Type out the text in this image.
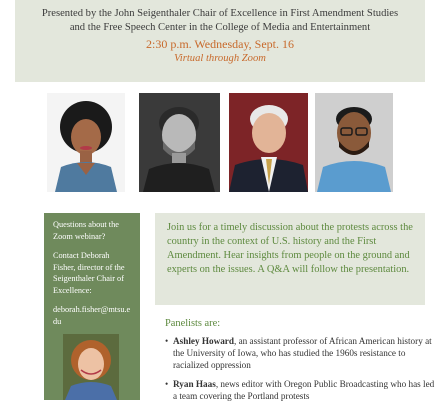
Presented by the John Seigenthaler Chair of Excellence in First Amendment Studies
and the Free Speech Center in the College of Media and Entertainment
2:30 p.m. Wednesday, Sept. 16
Virtual through Zoom

Questions about the Zoom webinar?

Contact Deborah Fisher, director of the Seigenthaler Chair of Excellence:

deborah.fisher@mtsu.edu

Join us for a timely discussion about the protests across the country in the context of U.S. history and the First Amendment. Hear insights from people on the ground and experts on the issues. A Q&A will follow the presentation.

Panelists are:
• Ashley Howard, an assistant professor of African American history at the University of Iowa, who has studied the 1960s resistance to racialized oppression
• Ryan Haas, news editor with Oregon Public Broadcasting who has led a team covering the Portland protests
